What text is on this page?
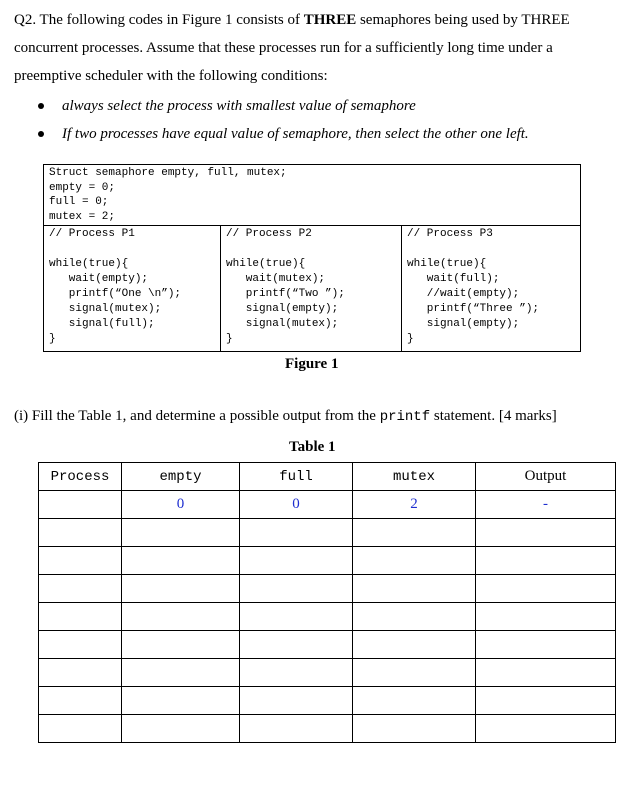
Q2. The following codes in Figure 1 consists of THREE semaphores being used by THREE
concurrent processes. Assume that these processes run for a sufficiently long time under a
preemptive scheduler with the following conditions:
always select the process with smallest value of semaphore
If two processes have equal value of semaphore, then select the other one left.
Struct semaphore empty, full, mutex;
empty = 0;
full = 0;
mutex = 2;
// Process P1

while(true){
wait(empty);
printf(“One \n”);
signal(mutex);
signal(full);
}
// Process P2

while(true){
wait(mutex);
printf(“Two ”);
signal(empty);
signal(mutex);
}
// Process P3

while(true){
wait(full);
//wait(empty);
printf(“Three ”);
signal(empty);
}
Figure 1
(i) Fill the Table 1, and determine a possible output from the printf statement. [4 marks]
Table 1
Process	empty	full	mutex	Output
	0	0	2	-
